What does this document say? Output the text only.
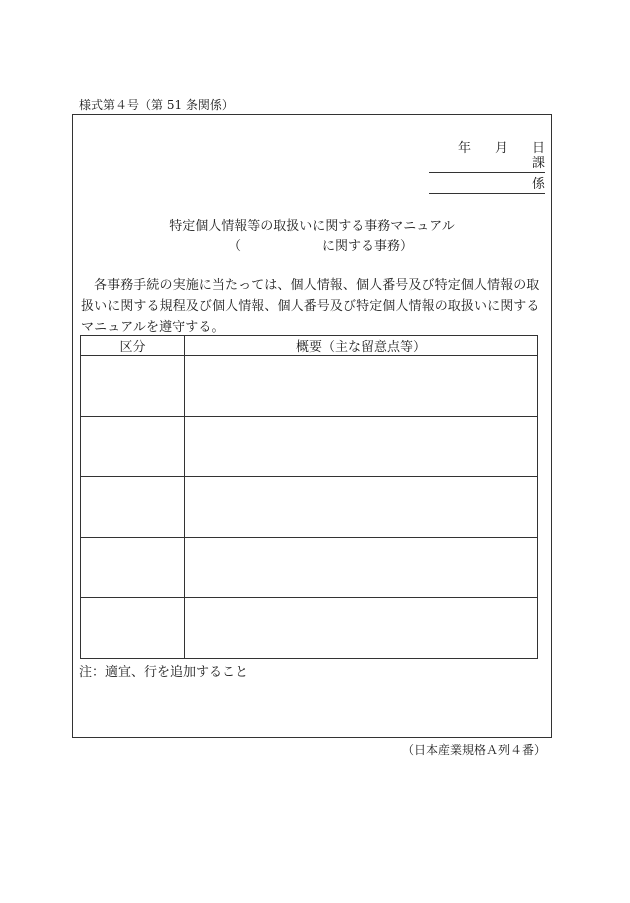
様式第４号（第 51 条関係）
年 月 日
課
係
特定個人情報等の取扱いに関する事務マニュアル
（	に関する事務）
各事務手続の実施に当たっては、個人情報、個人番号及び特定個人情報の取扱いに関する規程及び個人情報、個人番号及び特定個人情報の取扱いに関するマニュアルを遵守する。
区分	概要（主な留意点等）

注：適宜、行を追加すること
（日本産業規格Ａ列４番）
